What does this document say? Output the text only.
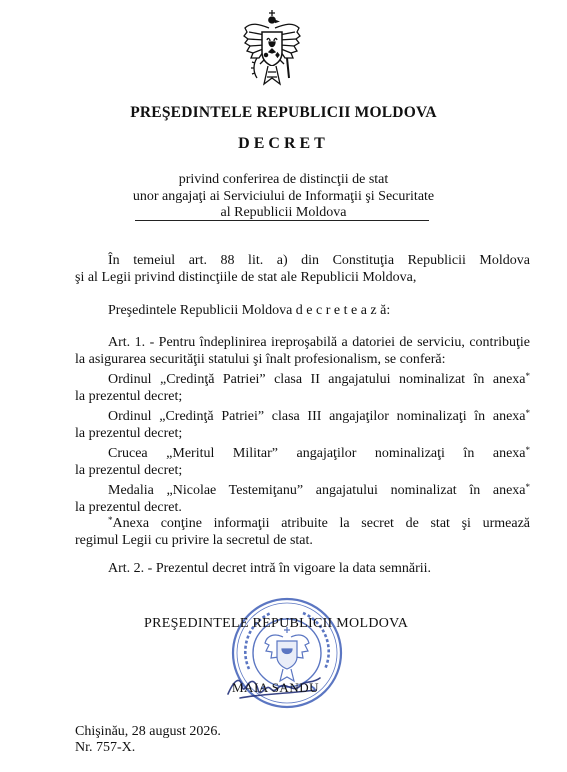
PREŞEDINTELE REPUBLICII MOLDOVA
DECRET
privind conferirea de distincţii de stat
unor angajaţi ai Serviciului de Informaţii şi Securitate
al Republicii Moldova
În temeiul art. 88 lit. a) din Constituţia Republicii Moldova
şi al Legii privind distincţiile de stat ale Republicii Moldova,
Preşedintele Republicii Moldova d e c r e t e a z ă:
Art. 1. - Pentru îndeplinirea ireproşabilă a datoriei de serviciu, contribuţie
la asigurarea securităţii statului şi înalt profesionalism, se conferă:
Ordinul „Credinţă Patriei” clasa II angajatului nominalizat în anexa*
la prezentul decret;
Ordinul „Credinţă Patriei” clasa III angajaţilor nominalizaţi în anexa*
la prezentul decret;
Crucea „Meritul Militar” angajaţilor nominalizaţi în anexa*
la prezentul decret;
Medalia „Nicolae Testemiţanu” angajatului nominalizat în anexa*
la prezentul decret.
*Anexa conţine informaţii atribuite la secret de stat şi urmează
regimul Legii cu privire la secretul de stat.
Art. 2. - Prezentul decret intră în vigoare la data semnării.
PREŞEDINTELE REPUBLICII MOLDOVA
MAIA SANDU
Chişinău, 28 august 2026.
Nr. 757-X.
